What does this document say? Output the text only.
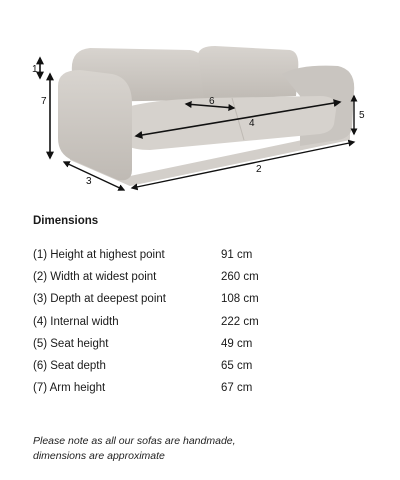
1
7
3
2
4
6
5
Dimensions
(1) Height at highest point	91 cm
(2) Width at widest point	260 cm
(3) Depth at deepest point	108 cm
(4) Internal width	222 cm
(5) Seat height	49 cm
(6) Seat depth	65 cm
(7) Arm height	67 cm
Please note as all our sofas are handmade,
dimensions are approximate
